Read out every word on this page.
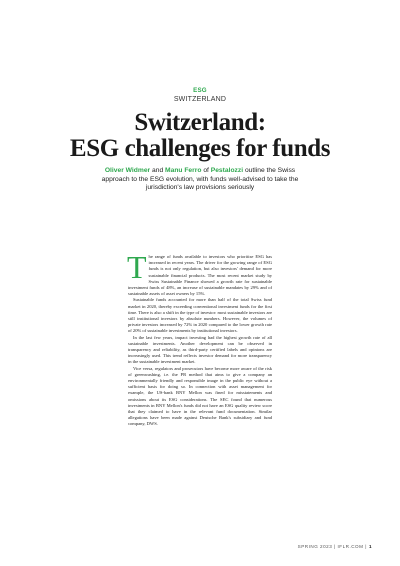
ESG
SWITZERLAND
Switzerland:
ESG challenges for funds
Oliver Widmer and Manu Ferro of Pestalozzi outline the Swiss approach to the ESG evolution, with funds well-advised to take the jurisdiction's law provisions seriously

The range of funds available to investors who prioritise ESG has increased in recent years. The driver for the growing range of ESG funds is not only regulation, but also investors' demand for more sustainable financial products. The most recent market study by Swiss Sustainable Finance showed a growth rate for sustainable investment funds of 48%, an increase of sustainable mandates by 29% and of sustainable assets of asset owners by 15%.

Sustainable funds accounted for more than half of the total Swiss fund market in 2020, thereby exceeding conventional investment funds for the first time. There is also a shift in the type of investor: most sustainable investors are still institutional investors by absolute numbers. However, the volumes of private investors increased by 72% in 2020 compared to the lower growth rate of 20% of sustainable investments by institutional investors.

In the last few years, impact investing had the highest growth rate of all sustainable investments. Another development can be observed in transparency and reliability, as third-party certified labels and opinions are increasingly used. This trend reflects investor demand for more transparency in the sustainable investment market.

Vice versa, regulators and prosecutors have become more aware of the risk of greenwashing, i.e. the PR method that aims to give a company an environmentally friendly and responsible image in the public eye without a sufficient basis for doing so. In connection with asset management for example, the US-bank BNY Mellon was fined for misstatements and omissions about its ESG considerations. The SEC found that numerous investments in BNY Mellon's funds did not have an ESG quality review score that they claimed to have in the relevant fund documentation. Similar allegations have been made against Deutsche Bank's subsidiary and fund company, DWS.

SPRING 2023 | IFLR.COM | 1
